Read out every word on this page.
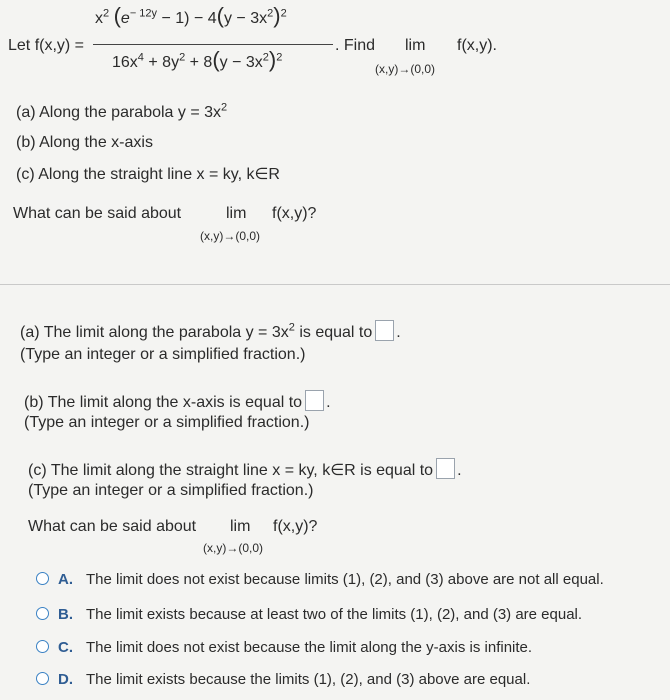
Let f(x,y) =
$x^2$ $(e^{- 12y} - 1) - 4(y - 3x^2)^2$
$16x^4 + 8y^2 + 8(y - 3x^2)^2$
. Find lim f(x,y).
(x,y)→(0,0)
(a) Along the parabola $y = 3x^2$
(b) Along the x-axis
(c) Along the straight line x = ky, k∈R
What can be said about	lim f(x,y)?
(x,y)→(0,0)
(a) The limit along the parabola $y = 3x^2$ is equal to .
(Type an integer or a simplified fraction.)
(b) The limit along the x-axis is equal to .
(Type an integer or a simplified fraction.)
(c) The limit along the straight line x = ky, k∈R is equal to .
(Type an integer or a simplified fraction.)
What can be said about lim f(x,y)?
(x,y)→(0,0)
A. The limit does not exist because limits (1), (2), and (3) above are not all equal.
B. The limit exists because at least two of the limits (1), (2), and (3) are equal.
C. The limit does not exist because the limit along the y-axis is infinite.
D. The limit exists because the limits (1), (2), and (3) above are equal.
